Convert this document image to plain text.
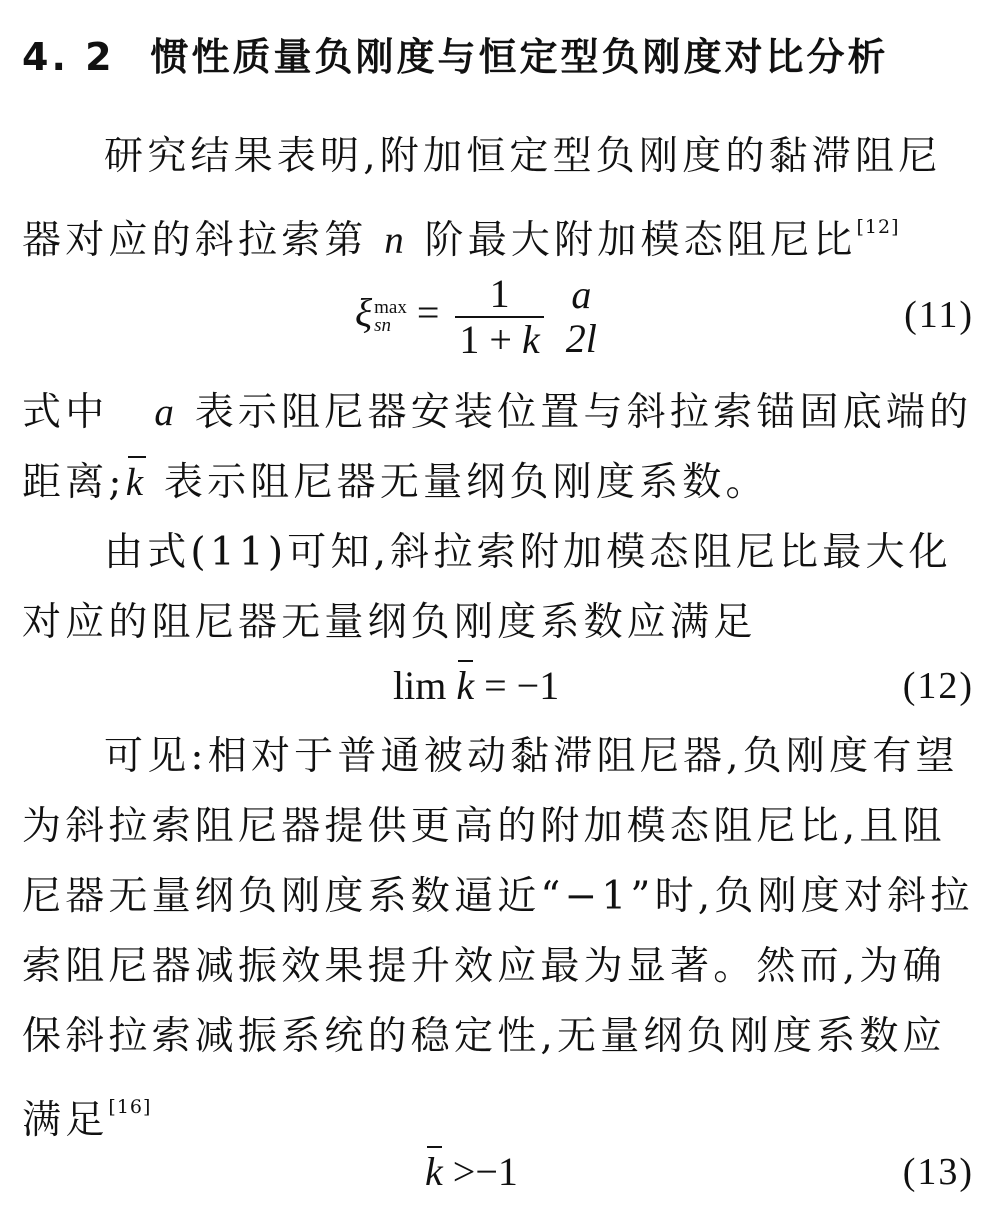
4. 2 惯性质量负刚度与恒定型负刚度对比分析
研究结果表明,附加恒定型负刚度的黏滞阻尼
器对应的斜拉索第 n 阶最大附加模态阻尼比[12]
ξ max
sn = $\frac{1}{1 + k}$
a
2l
(11)
式中 a 表示阻尼器安装位置与斜拉索锚固底端的
距离;k 表示阻尼器无量纲负刚度系数。
由式(11)可知,斜拉索附加模态阻尼比最大化
对应的阻尼器无量纲负刚度系数应满足
lim k = −1	(12)
可见:相对于普通被动黏滞阻尼器,负刚度有望
为斜拉索阻尼器提供更高的附加模态阻尼比,且阻
尼器无量纲负刚度系数逼近“−1”时,负刚度对斜拉
索阻尼器减振效果提升效应最为显著。然而,为确
保斜拉索减振系统的稳定性,无量纲负刚度系数应
满足[16]
k >−1	(13)
